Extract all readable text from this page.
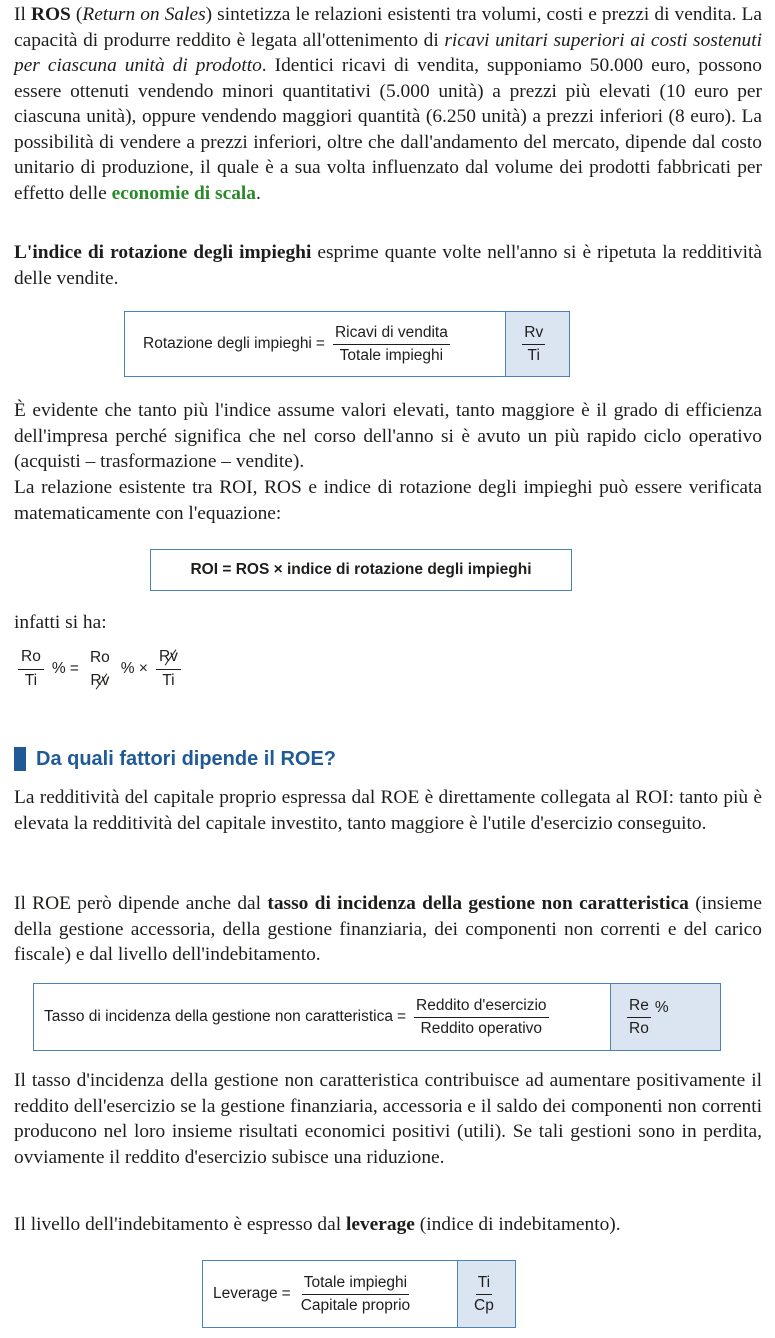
Il ROS (Return on Sales) sintetizza le relazioni esistenti tra volumi, costi e prezzi di vendita. La capacità di produrre reddito è legata all'ottenimento di ricavi unitari superiori ai costi sostenuti per ciascuna unità di prodotto. Identici ricavi di vendita, supponiamo 50.000 euro, possono essere ottenuti vendendo minori quantitativi (5.000 unità) a prezzi più elevati (10 euro per ciascuna unità), oppure vendendo maggiori quantità (6.250 unità) a prezzi inferiori (8 euro). La possibilità di vendere a prezzi inferiori, oltre che dall'andamento del mercato, dipende dal costo unitario di produzione, il quale è a sua volta influenzato dal volume dei prodotti fabbricati per effetto delle economie di scala.

L'indice di rotazione degli impieghi esprime quante volte nell'anno si è ripetuta la redditività delle vendite.

Rotazione degli impieghi = $\frac{\text{Ricavi di vendita}}{\text{Totale impieghi}}$	$\frac{Rv}{Ti}$

È evidente che tanto più l'indice assume valori elevati, tanto maggiore è il grado di efficienza dell'impresa perché significa che nel corso dell'anno si è avuto un più rapido ciclo operativo (acquisti – trasformazione – vendite).

La relazione esistente tra ROI, ROS e indice di rotazione degli impieghi può essere verificata matematicamente con l'equazione:

ROI = ROS × indice di rotazione degli impieghi

infatti si ha:

$\frac{Ro}{Ti}$ % =
Ro
Rv
% × $\frac{Rv}{Ti}$
Da quali fattori dipende il ROE?

La redditività del capitale proprio espressa dal ROE è direttamente collegata al ROI: tanto più è elevata la redditività del capitale investito, tanto maggiore è l'utile d'esercizio conseguito.

Il ROE però dipende anche dal tasso di incidenza della gestione non caratteristica (insieme della gestione accessoria, della gestione finanziaria, dei componenti non correnti e del carico fiscale) e dal livello dell'indebitamento.

Tasso di incidenza della gestione non caratteristica = $\frac{\text{Reddito d'esercizio}}{\text{Reddito operativo}}$	$\frac{Re}{Ro}$ %

Il tasso d'incidenza della gestione non caratteristica contribuisce ad aumentare positivamente il reddito dell'esercizio se la gestione finanziaria, accessoria e il saldo dei componenti non correnti producono nel loro insieme risultati economici positivi (utili). Se tali gestioni sono in perdita, ovviamente il reddito d'esercizio subisce una riduzione.

Il livello dell'indebitamento è espresso dal leverage (indice di indebitamento).

Leverage = $\frac{\text{Totale impieghi}}{\text{Capitale proprio}}$	$\frac{Ti}{Cp}$
